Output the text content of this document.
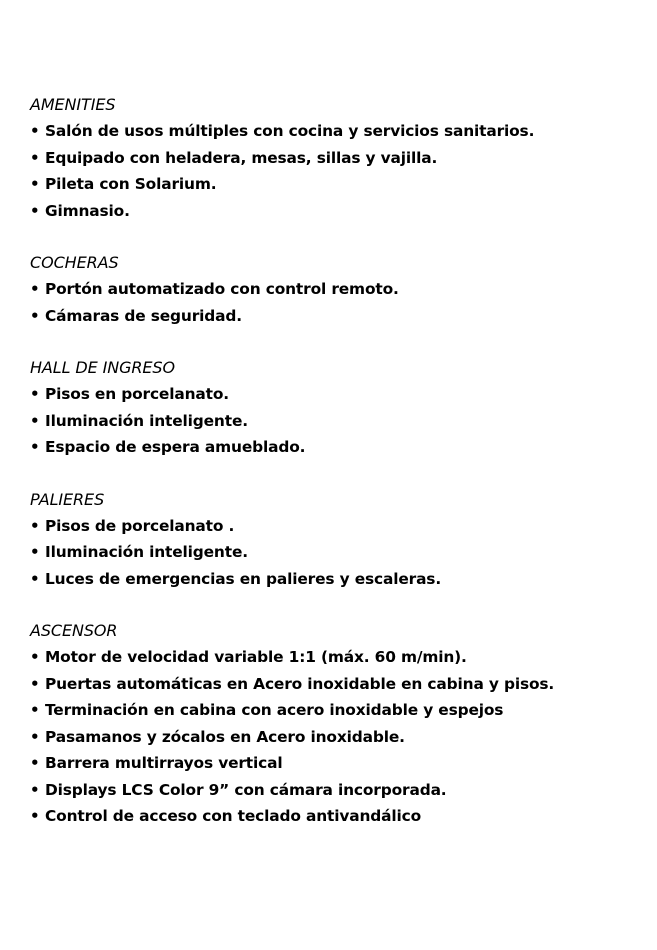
AMENITIES
• Salón de usos múltiples con cocina y servicios sanitarios.
• Equipado con heladera, mesas, sillas y vajilla.
• Pileta con Solarium.
• Gimnasio.
COCHERAS
• Portón automatizado con control remoto.
• Cámaras de seguridad.
HALL DE INGRESO
• Pisos en porcelanato.
• Iluminación inteligente.
• Espacio de espera amueblado.
PALIERES
• Pisos de porcelanato .
• Iluminación inteligente.
• Luces de emergencias en palieres y escaleras.
ASCENSOR
• Motor de velocidad variable 1:1 (máx. 60 m/min).
• Puertas automáticas en Acero inoxidable en cabina y pisos.
• Terminación en cabina con acero inoxidable y espejos
• Pasamanos y zócalos en Acero inoxidable.
• Barrera multirrayos vertical
• Displays LCS Color 9” con cámara incorporada.
• Control de acceso con teclado antivandálico
